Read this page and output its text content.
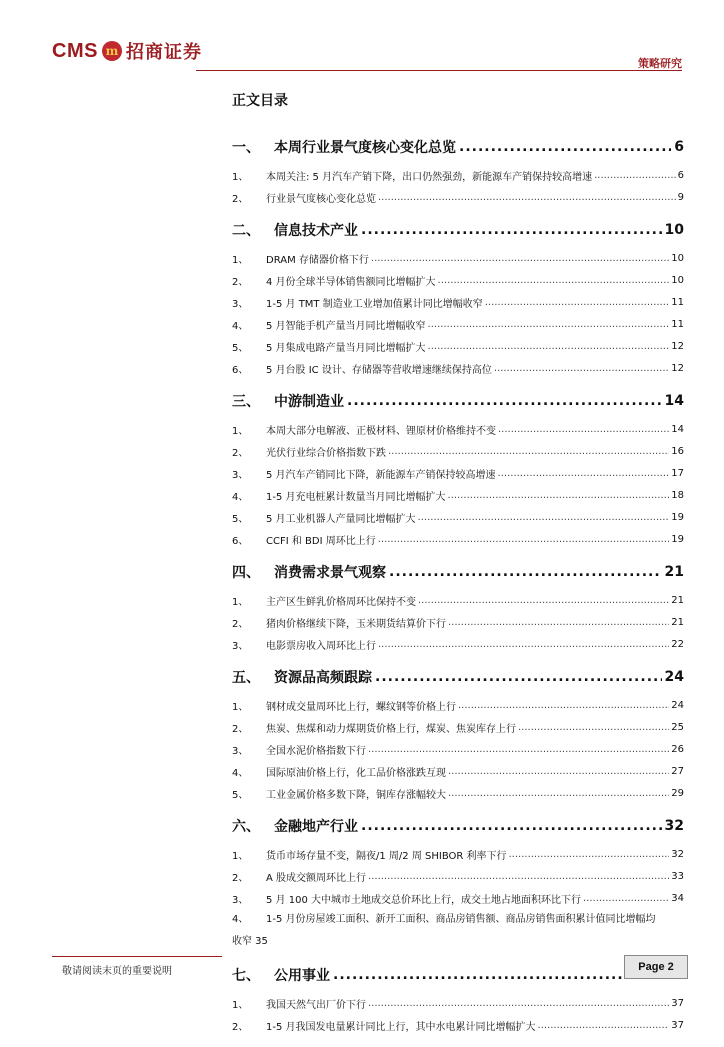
CMS m 招商证券
策略研究
正文目录
一、	本周行业景气度核心变化总览 .....	6
1、	本周关注: 5 月汽车产销下降，出口仍然强劲，新能源车产销保持较高增速 .....	6
2、	行业景气度核心变化总览 .....	9
二、	信息技术产业 .....	10
1、	DRAM 存储器价格下行 .....	10
2、	4 月份全球半导体销售额同比增幅扩大 .....	10
3、	1-5 月 TMT 制造业工业增加值累计同比增幅收窄 .....	11
4、	5 月智能手机产量当月同比增幅收窄 .....	11
5、	5 月集成电路产量当月同比增幅扩大 .....	12
6、	5 月台股 IC 设计、存储器等营收增速继续保持高位 .....	12
三、	中游制造业 .....	14
1、	本周大部分电解液、正极材料、锂原材价格维持不变 .....	14
2、	光伏行业综合价格指数下跌 .....	16
3、	5 月汽车产销同比下降，新能源车产销保持较高增速 .....	17
4、	1-5 月充电桩累计数量当月同比增幅扩大 .....	18
5、	5 月工业机器人产量同比增幅扩大 .....	19
6、	CCFI 和 BDI 周环比上行 .....	19
四、	消费需求景气观察 .....	21
1、	主产区生鲜乳价格周环比保持不变 .....	21
2、	猪肉价格继续下降，玉米期货结算价下行 .....	21
3、	电影票房收入周环比上行 .....	22
五、	资源品高频跟踪 .....	24
1、	钢材成交量周环比上行，螺纹钢等价格上行 .....	24
2、	焦炭、焦煤和动力煤期货价格上行，煤炭、焦炭库存上行 .....	25
3、	全国水泥价格指数下行 .....	26
4、	国际原油价格上行，化工品价格涨跌互现 .....	27
5、	工业金属价格多数下降，铜库存涨幅较大 .....	29
六、	金融地产行业 .....	32
1、	货币市场存量不变，隔夜/1 周/2 周 SHIBOR 利率下行 .....	32
2、	A 股成交额周环比上行 .....	33
3、	5 月 100 大中城市土地成交总价环比上行，成交土地占地面积环比下行 .....	34
4、	1-5 月份房屋竣工面积、新开工面积、商品房销售额、商品房销售面积累计值同比增幅均
收窄 35
七、	公用事业
.....
1、	我国天然气出厂价下行 .....	37
2、	1-5 月我国发电量累计同比上行，其中水电累计同比增幅扩大 .....	37
敬请阅读末页的重要说明	Page 2
